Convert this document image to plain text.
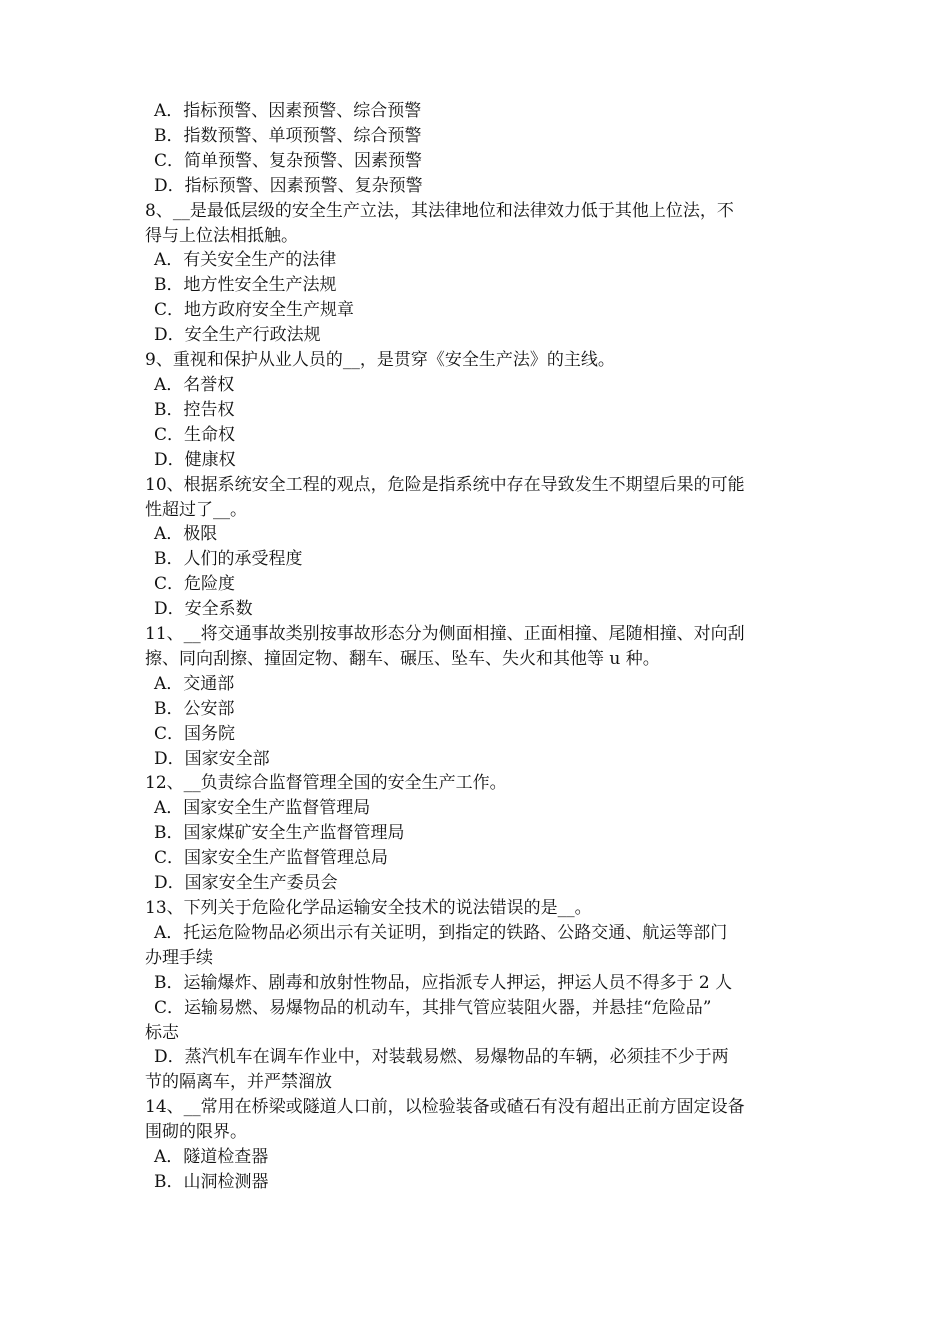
A．指标预警、因素预警、综合预警
B．指数预警、单项预警、综合预警
C．简单预警、复杂预警、因素预警
D．指标预警、因素预警、复杂预警
8、__是最低层级的安全生产立法，其法律地位和法律效力低于其他上位法，不
得与上位法相抵触。
A．有关安全生产的法律
B．地方性安全生产法规
C．地方政府安全生产规章
D．安全生产行政法规
9、重视和保护从业人员的__，是贯穿《安全生产法》的主线。
A．名誉权
B．控告权
C．生命权
D．健康权
10、根据系统安全工程的观点，危险是指系统中存在导致发生不期望后果的可能
性超过了__。
A．极限
B．人们的承受程度
C．危险度
D．安全系数
11、__将交通事故类别按事故形态分为侧面相撞、正面相撞、尾随相撞、对向刮
擦、同向刮擦、撞固定物、翻车、碾压、坠车、失火和其他等 u 种。
A．交通部
B．公安部
C．国务院
D．国家安全部
12、__负责综合监督管理全国的安全生产工作。
A．国家安全生产监督管理局
B．国家煤矿安全生产监督管理局
C．国家安全生产监督管理总局
D．国家安全生产委员会
13、下列关于危险化学品运输安全技术的说法错误的是__。
A．托运危险物品必须出示有关证明，到指定的铁路、公路交通、航运等部门
办理手续
B．运输爆炸、剧毒和放射性物品，应指派专人押运，押运人员不得多于 2 人
C．运输易燃、易爆物品的机动车，其排气管应装阻火器，并悬挂“危险品”
标志
D．蒸汽机车在调车作业中，对装载易燃、易爆物品的车辆，必须挂不少于两
节的隔离车，并严禁溜放
14、__常用在桥梁或隧道人口前，以检验装备或碴石有没有超出正前方固定设备
围砌的限界。
A．隧道检查器
B．山洞检测器
